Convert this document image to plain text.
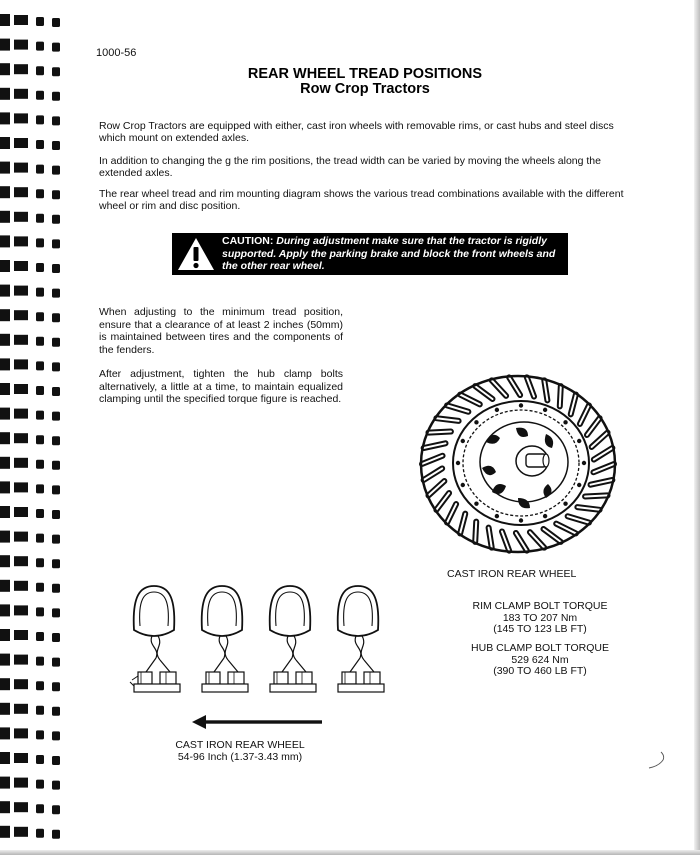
1000-56
REAR WHEEL TREAD POSITIONS
Row Crop Tractors

Row Crop Tractors are equipped with either, cast iron wheels with removable rims, or cast hubs and steel discs which mount on extended axles.

In addition to changing the g the rim positions, the tread width can be varied by moving the wheels along the extended axles.

The rear wheel tread and rim mounting diagram shows the various tread combinations available with the different wheel or rim and disc position.

CAUTION: During adjustment make sure that the tractor is rigidly supported. Apply the parking brake and block the front wheels and the other rear wheel.

When adjusting to the minimum tread position, ensure that a clearance of at least 2 inches (50mm) is maintained between tires and the components of the fenders.

After adjustment, tighten the hub clamp bolts alternatively, a little at a time, to maintain equalized clamping until the specified torque figure is reached.

CAST IRON REAR WHEEL
RIM CLAMP BOLT TORQUE
183 TO 207 Nm
(145 TO 123 LB FT)
HUB CLAMP BOLT TORQUE
529 624 Nm
(390 TO 460 LB FT)
CAST IRON REAR WHEEL
54-96 Inch (1.37-3.43 mm)
